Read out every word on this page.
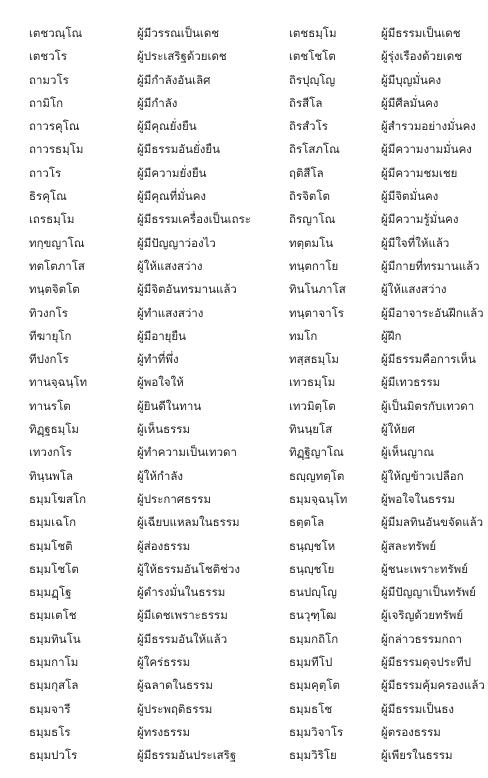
เตชวณฺโณ	ผู้มีวรรณเป็นเดช	เตชธมฺโม	ผู้มีธรรมเป็นเดช
เตชวโร	ผู้ประเสริฐด้วยเดช	เตชโชโต	ผู้รุ่งเรืองด้วยเดช
ถามวโร	ผู้มีกำลังอันเลิศ	ถิรปุญฺโญ	ผู้มีบุญมั่นคง
ถามิโก	ผู้มีกำลัง	ถิรสีโล	ผู้มีศีลมั่นคง
ถาวรคุโณ	ผู้มีคุณยั่งยืน	ถิรสํวโร	ผู้สำรวมอย่างมั่นคง
ถาวรธมฺโม	ผู้มีธรรมอันยั่งยืน	ถิรโสภโณ	ผู้มีความงามมั่นคง
ถาวโร	ผู้มีความยั่งยืน	ฤติสีโล	ผู้มีความชมเชย
ธิรคุโณ	ผู้มีคุณที่มั่นคง	ถิรจิตโต	ผู้มีจิตมั่นคง
เถรธมฺโม	ผู้มีธรรมเครื่องเป็นเถระ	ถิรญาโณ	ผู้มีความรู้มั่นคง
ทกฺขญาโณ	ผู้มีปัญญาว่องไว	ทตฺตมโน	ผู้มีใจที่ให้แล้ว
ทตโตภาโส	ผู้ให้แสงสว่าง	ทนฺตกาโย	ผู้มีกายที่ทรมานแล้ว
ทนฺตจิตโต	ผู้มีจิตอันทรมานแล้ว	ทินโนภาโส	ผู้ให้แสงสว่าง
ทิวงกโร	ผู้ทำแสงสว่าง	ทนฺตาจาโร	ผู้มีอาจาระอันฝึกแล้ว
ทีฆายุโก	ผู้มีอายุยืน	ทมโก	ผู้ฝึก
ทีปงกโร	ผู้ทำที่พึ่ง	ทสฺสธมฺโม	ผู้มีธรรมคือการเห็น
ทานจฺฉนฺโท	ผู้พอใจให้	เทวธมฺโม	ผู้มีเทวธรรม
ทานรโต	ผู้ยินดีในทาน	เทวมิตฺโต	ผู้เป็นมิตรกับเทวดา
ทิฏฺฐธมฺโม	ผู้เห็นธรรม	ทินนฺยโส	ผู้ให้ยศ
เทวงกโร	ผู้ทำความเป็นเทวดา	ทิฏฺฐิญาโณ	ผู้เห็นญาณ
ทินฺนพโล	ผู้ให้กำลัง	ธญฺญทตฺโต	ผู้ให้ญข้าวเปลือก
ธมฺมโฆสโก	ผู้ประกาศธรรม	ธมฺมจฺฉนฺโท	ผู้พอใจในธรรม
ธมฺมเฉโก	ผู้เฉียบแหลมในธรรม	ธตฺตโล	ผู้มีมลทินอันขจัดแล้ว
ธมฺมโชติ	ผู้ส่องธรรม	ธนฺญฺชโห	ผู้สละทรัพย์
ธมฺมโชโต	ผู้ให้ธรรมอันโชติช่วง	ธนฺญฺชโย	ผู้ชนะเพราะทรัพย์
ธมฺมฏฺโฐ	ผู้ดำรงมั่นในธรรม	ธนปญฺโญ	ผู้มีปัญญาเป็นทรัพย์
ธมฺมเตโช	ผู้มีเดชเพราะธรรม	ธนวุฑฺโฒ	ผู้เจริญด้วยทรัพย์
ธมฺมทินโน	ผู้มีธรรมอันให้แล้ว	ธมฺมกถิโก	ผู้กล่าวธรรมกถา
ธมฺมกาโม	ผู้ใคร่ธรรม	ธมฺมทีโป	ผู้มีธรรมดุจประทีป
ธมฺมกุสโล	ผู้ฉลาดในธรรม	ธมฺมคุตฺโต	ผู้มีธรรมคุ้มครองแล้ว
ธมฺมจารี	ผู้ประพฤติธรรม	ธมฺมธโช	ผู้มีธรรมเป็นธง
ธมฺมธโร	ผู้ทรงธรรม	ธมฺมวิจาโร	ผู้ตรองธรรม
ธมฺมปวโร	ผู้มีธรรมอันประเสริฐ	ธมฺมวิริโย	ผู้เพียรในธรรม
